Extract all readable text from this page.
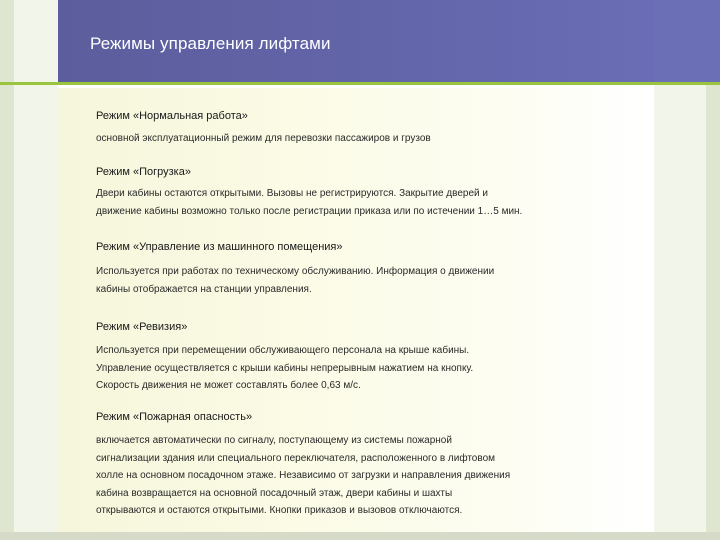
Режимы управления лифтами
Режим «Нормальная работа»
основной эксплуатационный режим для перевозки пассажиров и грузов
Режим «Погрузка»
Двери кабины остаются открытыми. Вызовы не регистрируются. Закрытие дверей и
движение кабины возможно только после регистрации приказа или по истечении 1…5 мин.
Режим «Управление из машинного помещения»
Используется при работах по техническому обслуживанию. Информация о движении
кабины отображается на станции управления.
Режим «Ревизия»
Используется при перемещении обслуживающего персонала на крыше кабины.
Управление осуществляется с крыши кабины непрерывным нажатием на кнопку.
Скорость движения не может составлять более 0,63 м/с.
Режим «Пожарная опасность»
включается автоматически по сигналу, поступающему из системы пожарной
сигнализации здания или специального переключателя, расположенного в лифтовом
холле на основном посадочном этаже. Независимо от загрузки и направления движения
кабина возвращается на основной посадочный этаж, двери кабины и шахты
открываются и остаются открытыми. Кнопки приказов и вызовов отключаются.
